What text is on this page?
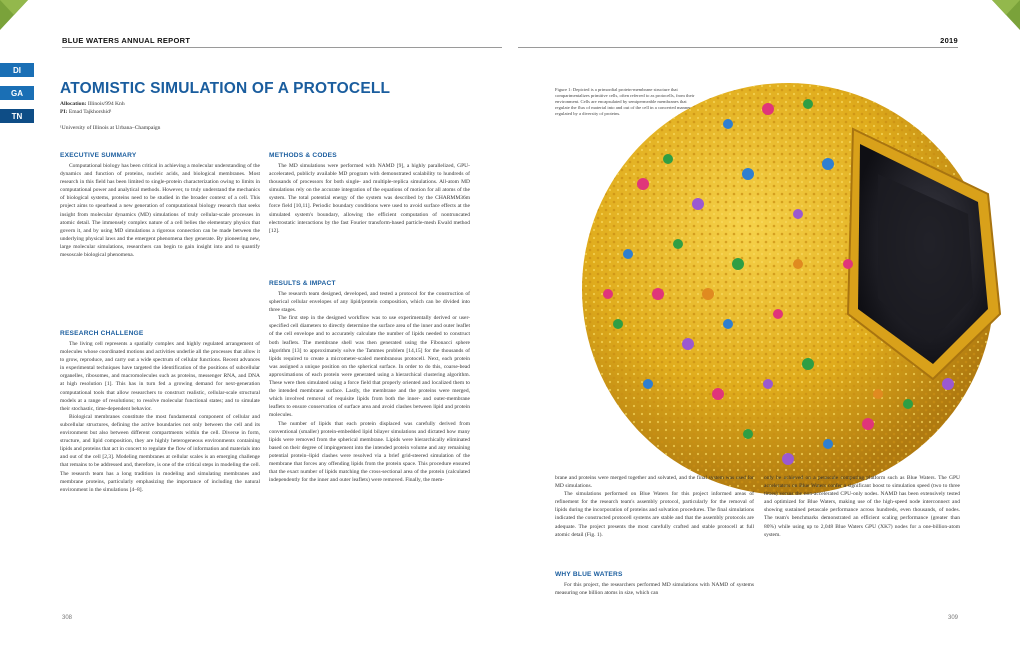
BLUE WATERS ANNUAL REPORT	2019
DI
GA
TN
ATOMISTIC SIMULATION OF A PROTOCELL
Allocation: Illinois/994 Knh
PI: Emad Tajkhorshid¹
¹University of Illinois at Urbana–Champaign
EXECUTIVE SUMMARY

Computational biology has been critical in achieving a molecular understanding of the dynamics and function of proteins, nucleic acids, and biological membranes. Most research in this field has been limited to single-protein characterization owing to limits in computational power and analytical methods. However, to truly understand the mechanics of biological systems, proteins need to be studied in the broader context of a cell. This project aims to spearhead a new generation of computational biology research that seeks insight from molecular dynamics (MD) simulations of truly cellular-scale processes in atomic detail. The immensely complex nature of a cell belies the elementary physics that govern it, and by using MD simulations a rigorous connection can be made between the underlying physical laws and the emergent phenomena they generate. By pioneering new, large molecular simulations, researchers can begin to gain insight into and to quantify mesoscale biological phenomena.

RESEARCH CHALLENGE

The living cell represents a spatially complex and highly regulated arrangement of molecules whose coordinated motions and activities underlie all the processes that allow it to grow, reproduce, and carry out a wide spectrum of cellular functions. Recent advances in experimental techniques have targeted the identification of the positions of subcellular organelles, ribosomes, and macromolecules such as proteins, messenger RNA, and DNA at high resolution [1]. This has in turn fed a growing demand for next-generation computational tools that allow researchers to construct realistic, cellular-scale structural models at a range of resolutions; to resolve molecular functional states; and to simulate their stochastic, time-dependent behavior.

Biological membranes constitute the most fundamental component of cellular and subcellular structures, defining the active boundaries not only between the cell and its environment but also between different compartments within the cell. Diverse in form, structure, and lipid composition, they are highly heterogeneous environments containing lipids and proteins that act in concert to regulate the flow of information and materials into and out of the cell [2,3]. Modeling membranes at cellular scales is an emerging challenge that remains to be addressed and, therefore, is one of the critical steps in modeling the cell. The research team has a long tradition in modeling and simulating membranes and membrane proteins, particularly emphasizing the importance of including the natural environment in the simulations [4–8].

METHODS & CODES

The MD simulations were performed with NAMD [9], a highly parallelized, GPU-accelerated, publicly available MD program with demonstrated scalability to hundreds of thousands of processors for both single- and multiple-replica simulations. All-atom MD simulations rely on the accurate integration of the equations of motion for all atoms of the system. The total potential energy of the system was described by the CHARMM36m force field [10,11]. Periodic boundary conditions were used to avoid surface effects at the simulated system's boundary, allowing the efficient computation of nontruncated electrostatic interactions by the fast Fourier transform-based particle-mesh Ewald method [12].

RESULTS & IMPACT

The research team designed, developed, and tested a protocol for the construction of spherical cellular envelopes of any lipid/protein composition, which can be divided into three stages.

The first step in the designed workflow was to use experimentally derived or user-specified cell diameters to directly determine the surface area of the inner and outer leaflet of the cell envelope and to accurately calculate the number of lipids needed to construct both leaflets. The membrane shell was then generated using the Fibonacci sphere algorithm [13] to approximately solve the Tammes problem [14,15] for the thousands of lipids required to create a micrometer-scaled membranous protocell. Next, each protein was assigned a unique position on the spherical surface. In order to do this, coarse-bead approximations of each protein were generated using a hierarchical clustering algorithm. These were then simulated using a force field that properly oriented and localized them to the intended membrane surface. Lastly, the membrane and the proteins were merged, which involved removal of requisite lipids from both the inner- and outer-membrane leaflets to ensure conservation of surface area and avoid clashes between lipid and protein molecules.

The number of lipids that each protein displaced was carefully derived from conventional (smaller) protein-embedded lipid bilayer simulations and dictated how many lipids were removed from the spherical membrane. Lipids were hierarchically eliminated based on their degree of impingement into the intended protein volume and any remaining potential protein–lipid clashes were resolved via a brief grid-steered simulation of the membrane that forces any offending lipids from the protein space. This procedure ensured that the exact number of lipids matching the cross-sectional area of the protein (calculated independently for the inner and outer leaflets) were removed. Finally, the mem-

Figure 1: Depicted is a primordial protein-membrane structure that compartmentalizes primitive cells, often referred to as protocells, from their environment. Cells are encapsulated by semipermeable membranes that regulate the flux of material into and out of the cell in a concerted manner regulated by a diversity of proteins.

brane and proteins were merged together and solvated, and the final system was used for MD simulations.

The simulations performed on Blue Waters for this project informed areas of refinement for the research team's assembly protocol, particularly for the removal of lipids during the incorporation of proteins and solvation procedures. The final simulations indicated the constructed protocell systems are stable and that the assembly protocols are adequate. The project presents the most carefully crafted and stable protocell at full atomic detail (Fig. 1).

WHY BLUE WATERS

For this project, the researchers performed MD simulations with NAMD of systems measuring one billion atoms in size, which can

only be achieved on a petascale computing platform such as Blue Waters. The GPU accelerators on Blue Waters confer a significant boost to simulation speed (two to three times) versus the non-accelerated CPU-only nodes. NAMD has been extensively tested and optimized for Blue Waters, making use of the high-speed node interconnect and showing sustained petascale performance across hundreds, even thousands, of nodes. The team's benchmarks demonstrated an efficient scaling performance (greater than 80%) while using up to 2,048 Blue Waters GPU (XK7) nodes for a one-billion-atom system.

308	309
